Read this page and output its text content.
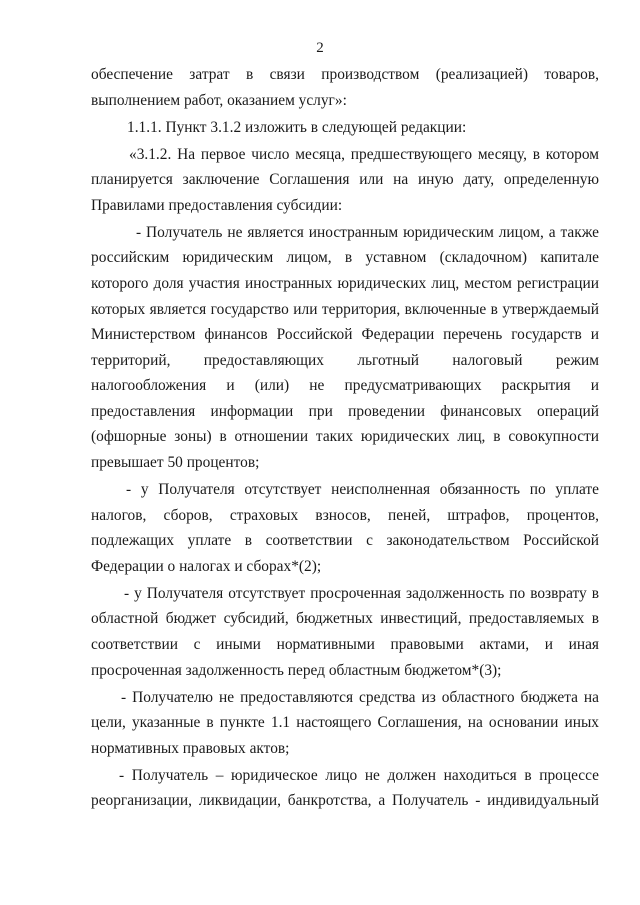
2

обеспечение затрат в связи производством (реализацией) товаров, выполнением работ, оказанием услуг»:

1.1.1. Пункт 3.1.2 изложить в следующей редакции:

«3.1.2. На первое число месяца, предшествующего месяцу, в котором планируется заключение Соглашения или на иную дату, определенную Правилами предоставления субсидии:

- Получатель не является иностранным юридическим лицом, а также российским юридическим лицом, в уставном (складочном) капитале которого доля участия иностранных юридических лиц, местом регистрации которых является государство или территория, включенные в утверждаемый Министерством финансов Российской Федерации перечень государств и территорий, предоставляющих льготный налоговый режим налогообложения и (или) не предусматривающих раскрытия и предоставления информации при проведении финансовых операций (офшорные зоны) в отношении таких юридических лиц, в совокупности превышает 50 процентов;

- у Получателя отсутствует неисполненная обязанность по уплате налогов, сборов, страховых взносов, пеней, штрафов, процентов, подлежащих уплате в соответствии с законодательством Российской Федерации о налогах и сборах*(2);

- у Получателя отсутствует просроченная задолженность по возврату в областной бюджет субсидий, бюджетных инвестиций, предоставляемых в соответствии с иными нормативными правовыми актами, и иная просроченная задолженность перед областным бюджетом*(3);

- Получателю не предоставляются средства из областного бюджета на цели, указанные в пункте 1.1 настоящего Соглашения, на основании иных нормативных правовых актов;

- Получатель – юридическое лицо не должен находиться в процессе реорганизации, ликвидации, банкротства, а Получатель - индивидуальный
